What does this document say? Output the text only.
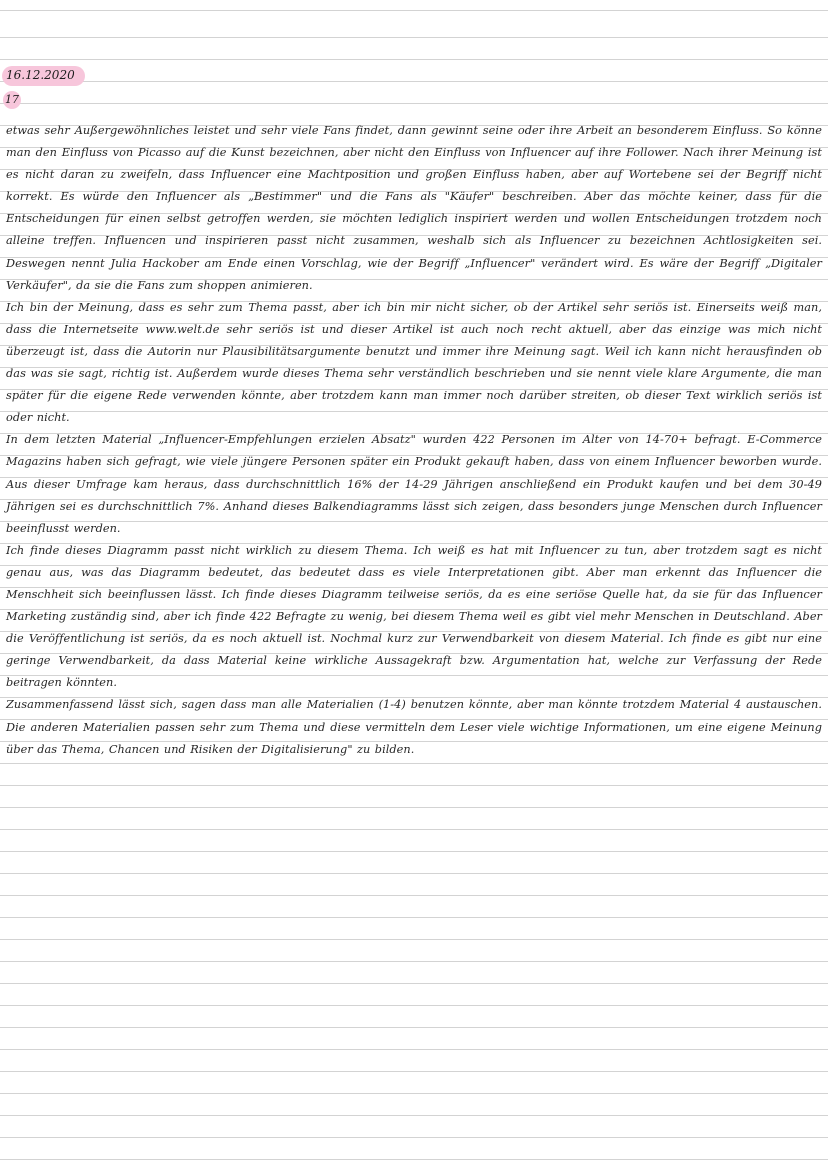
16.12.2020
17

etwas sehr Außergewöhnliches leistet und sehr viele Fans findet, dann gewinnt seine oder ihre Arbeit an besonderem Einfluss. So könne man den Einfluss von Picasso auf die Kunst bezeichnen, aber nicht den Einfluss von Influencer auf ihre Follower. Nach ihrer Meinung ist es nicht daran zu zweifeln, dass Influencer eine Machtposition und großen Einfluss haben, aber auf Wortebene sei der Begriff nicht korrekt. Es würde den Influencer als „Bestimmer" und die Fans als "Käufer" beschreiben. Aber das möchte keiner, dass für die Entscheidungen für einen selbst getroffen werden, sie möchten lediglich inspiriert werden und wollen Entscheidungen trotzdem noch alleine treffen. Influencen und inspirieren passt nicht zusammen, weshalb sich als Influencer zu bezeichnen Achtlosigkeiten sei. Deswegen nennt Julia Hackober am Ende einen Vorschlag, wie der Begriff „Influencer" verändert wird. Es wäre der Begriff „Digitaler Verkäufer", da sie die Fans zum shoppen animieren.

Ich bin der Meinung, dass es sehr zum Thema passt, aber ich bin mir nicht sicher, ob der Artikel sehr seriös ist. Einerseits weiß man, dass die Internetseite www.welt.de sehr seriös ist und dieser Artikel ist auch noch recht aktuell, aber das einzige was mich nicht überzeugt ist, dass die Autorin nur Plausibilitätsargumente benutzt und immer ihre Meinung sagt. Weil ich kann nicht herausfinden ob das was sie sagt, richtig ist. Außerdem wurde dieses Thema sehr verständlich beschrieben und sie nennt viele klare Argumente, die man später für die eigene Rede verwenden könnte, aber trotzdem kann man immer noch darüber streiten, ob dieser Text wirklich seriös ist oder nicht.

In dem letzten Material „Influencer-Empfehlungen erzielen Absatz" wurden 422 Personen im Alter von 14-70+ befragt. E-Commerce Magazins haben sich gefragt, wie viele jüngere Personen später ein Produkt gekauft haben, dass von einem Influencer beworben wurde. Aus dieser Umfrage kam heraus, dass durchschnittlich 16% der 14-29 Jährigen anschließend ein Produkt kaufen und bei dem 30-49 Jährigen sei es durchschnittlich 7%. Anhand dieses Balkendiagramms lässt sich zeigen, dass besonders junge Menschen durch Influencer beeinflusst werden.

Ich finde dieses Diagramm passt nicht wirklich zu diesem Thema. Ich weiß es hat mit Influencer zu tun, aber trotzdem sagt es nicht genau aus, was das Diagramm bedeutet, das bedeutet dass es viele Interpretationen gibt. Aber man erkennt das Influencer die Menschheit sich beeinflussen lässt. Ich finde dieses Diagramm teilweise seriös, da es eine seriöse Quelle hat, da sie für das Influencer Marketing zuständig sind, aber ich finde 422 Befragte zu wenig, bei diesem Thema weil es gibt viel mehr Menschen in Deutschland. Aber die Veröffentlichung ist seriös, da es noch aktuell ist. Nochmal kurz zur Verwendbarkeit von diesem Material. Ich finde es gibt nur eine geringe Verwendbarkeit, da dass Material keine wirkliche Aussagekraft bzw. Argumentation hat, welche zur Verfassung der Rede beitragen könnten.

Zusammenfassend lässt sich, sagen dass man alle Materialien (1-4) benutzen könnte, aber man könnte trotzdem Material 4 austauschen. Die anderen Materialien passen sehr zum Thema und diese vermitteln dem Leser viele wichtige Informationen, um eine eigene Meinung über das Thema, Chancen und Risiken der Digitalisierung" zu bilden.
